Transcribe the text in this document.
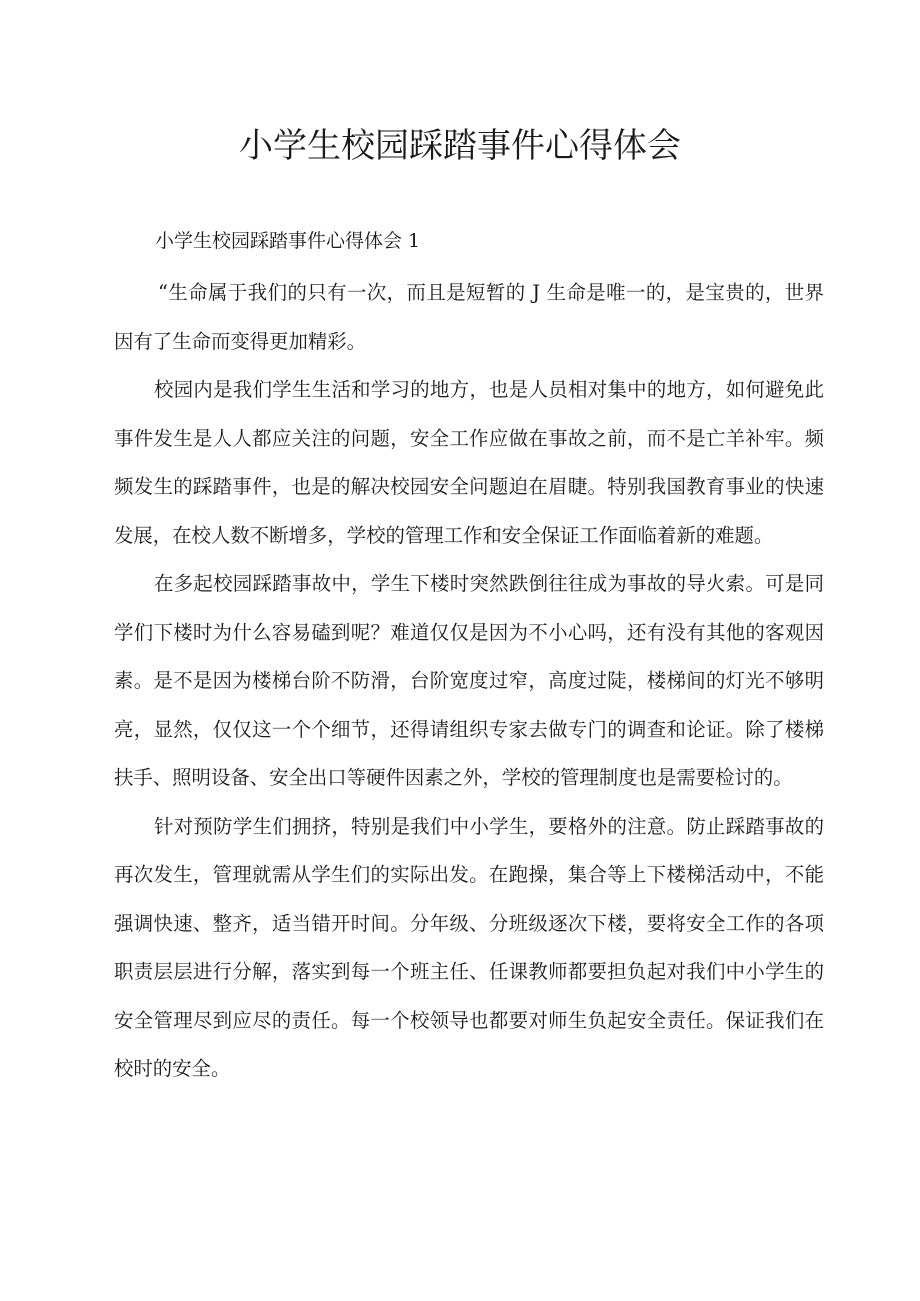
小学生校园踩踏事件心得体会

小学生校园踩踏事件心得体会 1

“生命属于我们的只有一次，而且是短暂的 J 生命是唯一的，是宝贵的，世界因有了生命而变得更加精彩。

校园内是我们学生生活和学习的地方，也是人员相对集中的地方，如何避免此事件发生是人人都应关注的问题，安全工作应做在事故之前，而不是亡羊补牢。频频发生的踩踏事件，也是的解决校园安全问题迫在眉睫。特别我国教育事业的快速发展，在校人数不断增多，学校的管理工作和安全保证工作面临着新的难题。

在多起校园踩踏事故中，学生下楼时突然跌倒往往成为事故的导火索。可是同学们下楼时为什么容易磕到呢？难道仅仅是因为不小心吗，还有没有其他的客观因素。是不是因为楼梯台阶不防滑，台阶宽度过窄，高度过陡，楼梯间的灯光不够明亮，显然，仅仅这一个个细节，还得请组织专家去做专门的调查和论证。除了楼梯扶手、照明设备、安全出口等硬件因素之外，学校的管理制度也是需要检讨的。

针对预防学生们拥挤，特别是我们中小学生，要格外的注意。防止踩踏事故的再次发生，管理就需从学生们的实际出发。在跑操，集合等上下楼梯活动中，不能强调快速、整齐，适当错开时间。分年级、分班级逐次下楼，要将安全工作的各项职责层层进行分解，落实到每一个班主任、任课教师都要担负起对我们中小学生的安全管理尽到应尽的责任。每一个校领导也都要对师生负起安全责任。保证我们在校时的安全。
